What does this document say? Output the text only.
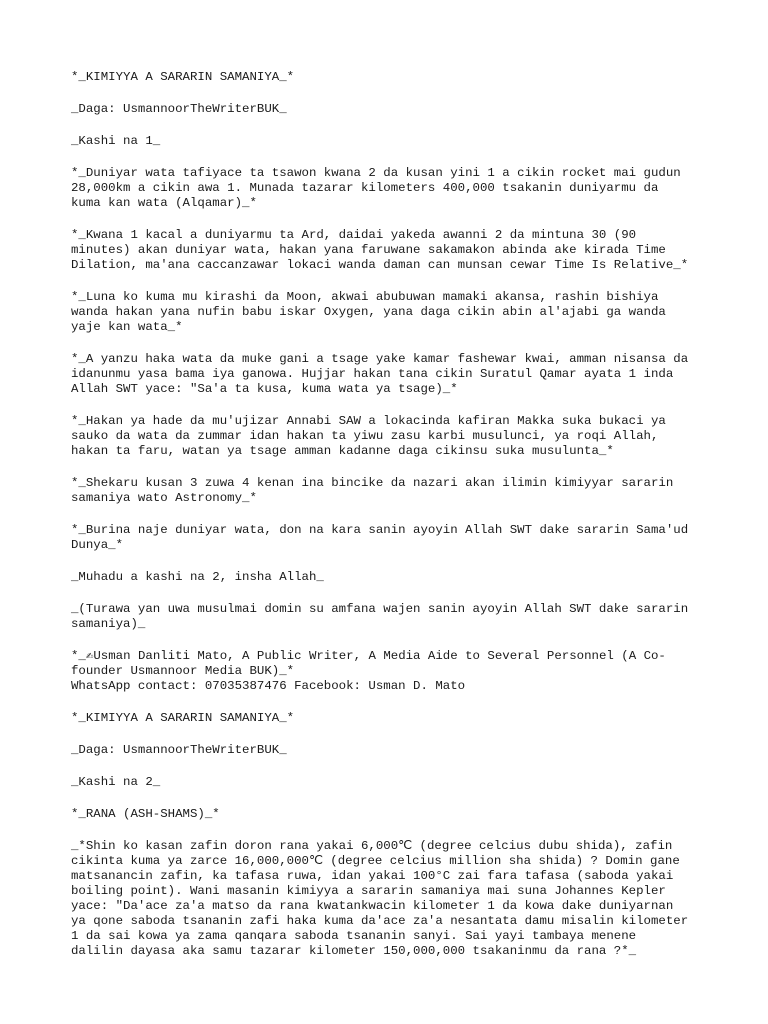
*_KIMIYYA A SARARIN SAMANIYA_*

_Daga: UsmannoorTheWriterBUK_

_Kashi na 1_

*_Duniyar wata tafiyace ta tsawon kwana 2 da kusan yini 1 a cikin rocket mai gudun
28,000km a cikin awa 1. Munada tazarar kilometers 400,000 tsakanin duniyarmu da
kuma kan wata (Alqamar)_*

*_Kwana 1 kacal a duniyarmu ta Ard, daidai yakeda awanni 2 da mintuna 30 (90
minutes) akan duniyar wata, hakan yana faruwane sakamakon abinda ake kirada Time
Dilation, ma'ana caccanzawar lokaci wanda daman can munsan cewar Time Is Relative_*

*_Luna ko kuma mu kirashi da Moon, akwai abubuwan mamaki akansa, rashin bishiya
wanda hakan yana nufin babu iskar Oxygen, yana daga cikin abin al'ajabi ga wanda
yaje kan wata_*

*_A yanzu haka wata da muke gani a tsage yake kamar fashewar kwai, amman nisansa da
idanunmu yasa bama iya ganowa. Hujjar hakan tana cikin Suratul Qamar ayata 1 inda
Allah SWT yace: "Sa'a ta kusa, kuma wata ya tsage)_*

*_Hakan ya hade da mu'ujizar Annabi SAW a lokacinda kafiran Makka suka bukaci ya
sauko da wata da zummar idan hakan ta yiwu zasu karbi musulunci, ya roqi Allah,
hakan ta faru, watan ya tsage amman kadanne daga cikinsu suka musulunta_*

*_Shekaru kusan 3 zuwa 4 kenan ina bincike da nazari akan ilimin kimiyyar sararin
samaniya wato Astronomy_*

*_Burina naje duniyar wata, don na kara sanin ayoyin Allah SWT dake sararin Sama'ud
Dunya_*

_Muhadu a kashi na 2, insha Allah_

_(Turawa yan uwa musulmai domin su amfana wajen sanin ayoyin Allah SWT dake sararin
samaniya)_

*_✍Usman Danliti Mato, A Public Writer, A Media Aide to Several Personnel (A Co-
founder Usmannoor Media BUK)_*
WhatsApp contact: 07035387476 Facebook: Usman D. Mato

*_KIMIYYA A SARARIN SAMANIYA_*

_Daga: UsmannoorTheWriterBUK_

_Kashi na 2_

*_RANA (ASH-SHAMS)_*

_*Shin ko kasan zafin doron rana yakai 6,000℃ (degree celcius dubu shida), zafin
cikinta kuma ya zarce 16,000,000℃ (degree celcius million sha shida) ? Domin gane
matsanancin zafin, ka tafasa ruwa, idan yakai 100°C zai fara tafasa (saboda yakai
boiling point). Wani masanin kimiyya a sararin samaniya mai suna Johannes Kepler
yace: "Da'ace za'a matso da rana kwatankwacin kilometer 1 da kowa dake duniyarnan
ya qone saboda tsananin zafi haka kuma da'ace za'a nesantata damu misalin kilometer
1 da sai kowa ya zama qanqara saboda tsananin sanyi. Sai yayi tambaya menene
dalilin dayasa aka samu tazarar kilometer 150,000,000 tsakaninmu da rana ?*_
